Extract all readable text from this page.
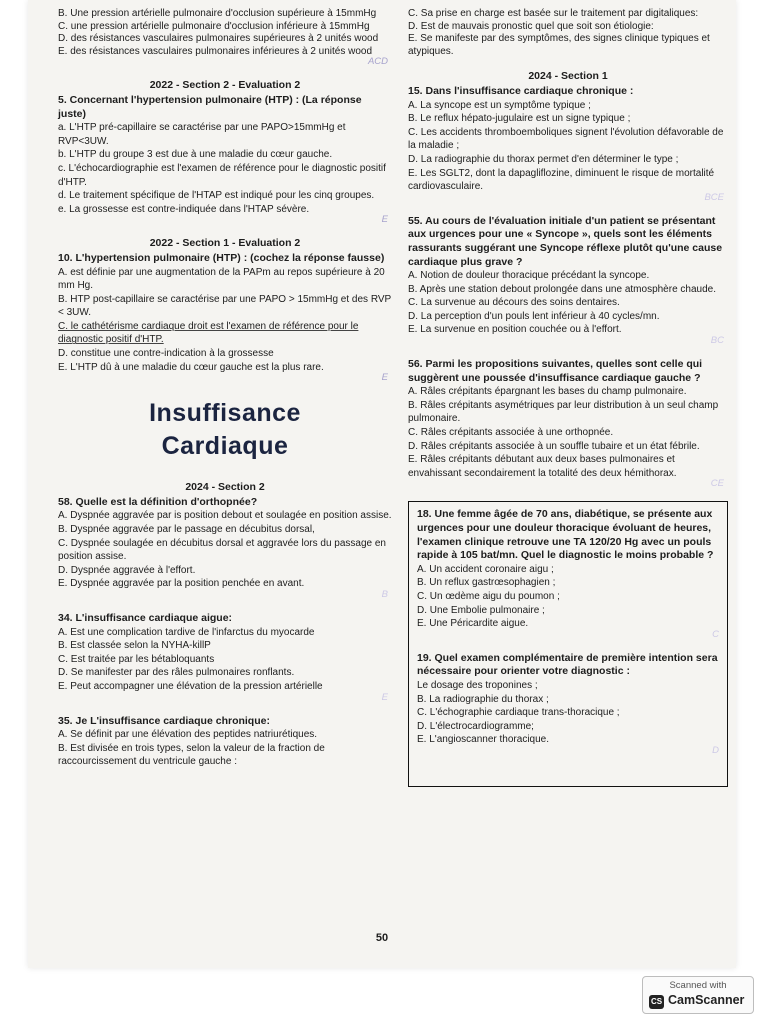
B. Une pression artérielle pulmonaire d'occlusion supérieure à 15mmHg

C. une pression artérielle pulmonaire d'occlusion inférieure à 15mmHg

D. des résistances vasculaires pulmonaires supérieures à 2 unités wood

E. des résistances vasculaires pulmonaires inférieures à 2 unités wood

ACD

2022 - Section 2 - Evaluation 2

5. Concernant l'hypertension pulmonaire (HTP) : (La réponse juste)

a. L'HTP pré-capillaire se caractérise par une PAPO>15mmHg et RVP<3UW.

b. L'HTP du groupe 3 est due à une maladie du cœur gauche.

c. L'échocardiographie est l'examen de référence pour le diagnostic positif d'HTP.

d. Le traitement spécifique de l'HTAP est indiqué pour les cinq groupes.

e. La grossesse est contre-indiquée dans l'HTAP sévère.

E

2022 - Section 1 - Evaluation 2

10. L'hypertension pulmonaire (HTP) : (cochez la réponse fausse)

A. est définie par une augmentation de la PAPm au repos supérieure à 20 mm Hg.

B. HTP post-capillaire se caractérise par une PAPO > 15mmHg et des RVP < 3UW.

C. le cathétérisme cardiaque droit est l'examen de référence pour le diagnostic positif d'HTP.

D. constitue une contre-indication à la grossesse

E. L'HTP dû à une maladie du cœur gauche est la plus rare.

E

Insuffisance
Cardiaque

2024 - Section 2

58. Quelle est la définition d'orthopnée?

A. Dyspnée aggravée par is position debout et soulagée en position assise.

B. Dyspnée aggravée par le passage en décubitus dorsal,

C. Dyspnée soulagée en décubitus dorsal et aggravée lors du passage en position assise.

D. Dyspnée aggravée à l'effort.

E. Dyspnée aggravée par la position penchée en avant.

B

34. L'insuffisance cardiaque aigue:

A. Est une complication tardive de l'infarctus du myocarde

B. Est classée selon la NYHA-killP

C. Est traitée par les bétabloquants

D. Se manifester par des râles pulmonaires ronflants.

E. Peut accompagner une élévation de la pression artérielle

E

35. Je L'insuffisance cardiaque chronique:

A. Se définit par une élévation des peptides natriurétiques.

B. Est divisée en trois types, selon la valeur de la fraction de raccourcissement du ventricule gauche :

C. Sa prise en charge est basée sur le traitement par digitaliques:

D. Est de mauvais pronostic quel que soit son étiologie:

E. Se manifeste par des symptômes, des signes clinique typiques et atypiques.

2024 - Section 1

15. Dans l'insuffisance cardiaque chronique :

A. La syncope est un symptôme typique ;

B. Le reflux hépato-jugulaire est un signe typique ;

C. Les accidents thromboemboliques signent l'évolution défavorable de la maladie ;

D. La radiographie du thorax permet d'en déterminer le type ;

E. Les SGLT2, dont la dapagliflozine, diminuent le risque de mortalité cardiovasculaire.

BCE

55. Au cours de l'évaluation initiale d'un patient se présentant aux urgences pour une « Syncope », quels sont les éléments rassurants suggérant une Syncope réflexe plutôt qu'une cause cardiaque plus grave ?

A. Notion de douleur thoracique précédant la syncope.

B. Après une station debout prolongée dans une atmosphère chaude.

C. La survenue au décours des soins dentaires.

D. La perception d'un pouls lent inférieur à 40 cycles/mn.

E. La survenue en position couchée ou à l'effort.

BC

56. Parmi les propositions suivantes, quelles sont celle qui suggèrent une poussée d'insuffisance cardiaque gauche ?

A. Râles crépitants épargnant les bases du champ pulmonaire.

B. Râles crépitants asymétriques par leur distribution à un seul champ pulmonaire.

C. Râles crépitants associée à une orthopnée.

D. Râles crépitants associée à un souffle tubaire et un état fébrile.

E. Râles crépitants débutant aux deux bases pulmonaires et envahissant secondairement la totalité des deux hémithorax.

CE

18. Une femme âgée de 70 ans, diabétique, se présente aux urgences pour une douleur thoracique évoluant de heures, l'examen clinique retrouve une TA 120/20 Hg avec un pouls rapide à 105 bat/mn. Quel le diagnostic le moins probable ?

A. Un accident coronaire aigu ;

B. Un reflux gastrœsophagien ;

C. Un œdème aigu du poumon ;

D. Une Embolie pulmonaire ;

E. Une Péricardite aigue.

C

19. Quel examen complémentaire de première intention sera nécessaire pour orienter votre diagnostic :

Le dosage des troponines ;

B. La radiographie du thorax ;

C. L'échographie cardiaque trans-thoracique ;

D. L'électrocardiogramme;

E. L'angioscanner thoracique.

D

50
Scanned with
CS CamScanner
